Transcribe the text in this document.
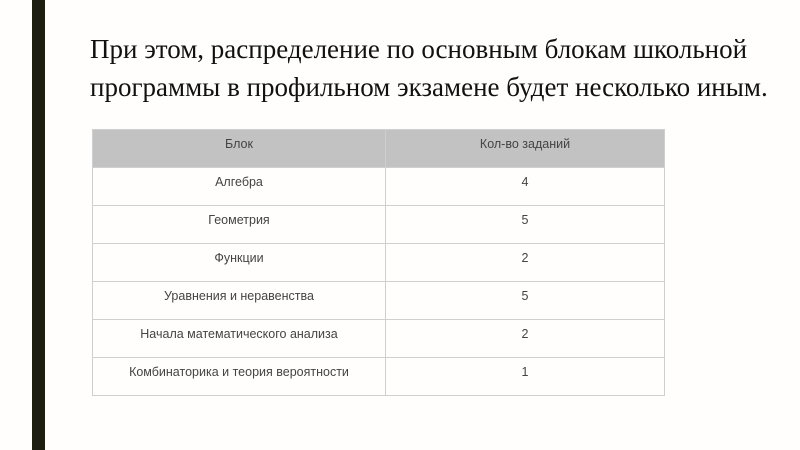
При этом, распределение по основным блокам школьной программы в профильном экзамене будет несколько иным.
Блок	Кол-во заданий
Алгебра	4
Геометрия	5
Функции	2
Уравнения и неравенства	5
Начала математического анализа	2
Комбинаторика и теория вероятности	1
